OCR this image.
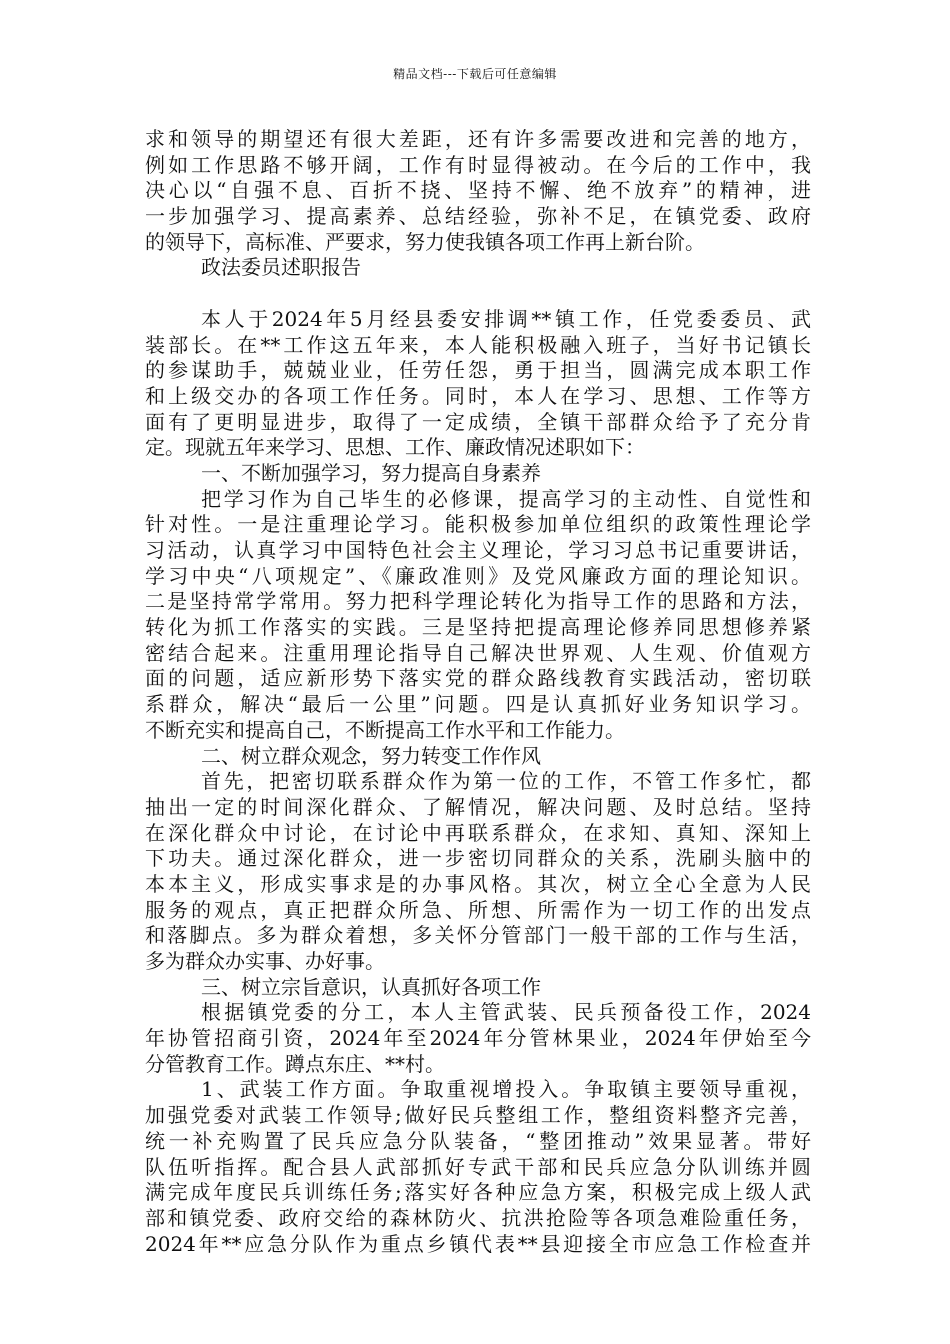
精品文档---下载后可任意编辑
求和领导的期望还有很大差距，还有许多需要改进和完善的地方，
例如工作思路不够开阔，工作有时显得被动。在今后的工作中，我
决心以“自强不息、百折不挠、坚持不懈、绝不放弃”的精神，进
一步加强学习、提高素养、总结经验，弥补不足，在镇党委、政府
的领导下，高标准、严要求，努力使我镇各项工作再上新台阶。
政法委员述职报告
本人于2024年5月经县委安排调**镇工作，任党委委员、武
装部长。在**工作这五年来，本人能积极融入班子，当好书记镇长
的参谋助手，兢兢业业，任劳任怨，勇于担当，圆满完成本职工作
和上级交办的各项工作任务。同时，本人在学习、思想、工作等方
面有了更明显进步，取得了一定成绩，全镇干部群众给予了充分肯
定。现就五年来学习、思想、工作、廉政情况述职如下：
一、不断加强学习，努力提高自身素养
把学习作为自己毕生的必修课，提高学习的主动性、自觉性和
针对性。一是注重理论学习。能积极参加单位组织的政策性理论学
习活动，认真学习中国特色社会主义理论，学习习总书记重要讲话，
学习中央“八项规定”、《廉政准则》及党风廉政方面的理论知识。
二是坚持常学常用。努力把科学理论转化为指导工作的思路和方法，
转化为抓工作落实的实践。三是坚持把提高理论修养同思想修养紧
密结合起来。注重用理论指导自己解决世界观、人生观、价值观方
面的问题，适应新形势下落实党的群众路线教育实践活动，密切联
系群众，解决“最后一公里”问题。四是认真抓好业务知识学习。
不断充实和提高自己，不断提高工作水平和工作能力。
二、树立群众观念，努力转变工作作风
首先，把密切联系群众作为第一位的工作，不管工作多忙，都
抽出一定的时间深化群众、了解情况，解决问题、及时总结。坚持
在深化群众中讨论，在讨论中再联系群众，在求知、真知、深知上
下功夫。通过深化群众，进一步密切同群众的关系，洗刷头脑中的
本本主义，形成实事求是的办事风格。其次，树立全心全意为人民
服务的观点，真正把群众所急、所想、所需作为一切工作的出发点
和落脚点。多为群众着想，多关怀分管部门一般干部的工作与生活，
多为群众办实事、办好事。
三、树立宗旨意识，认真抓好各项工作
根据镇党委的分工，本人主管武装、民兵预备役工作，2024
年协管招商引资，2024年至2024年分管林果业，2024年伊始至今
分管教育工作。蹲点东庄、**村。
1、武装工作方面。争取重视增投入。争取镇主要领导重视，
加强党委对武装工作领导;做好民兵整组工作，整组资料整齐完善，
统一补充购置了民兵应急分队装备，“整团推动”效果显著。带好
队伍听指挥。配合县人武部抓好专武干部和民兵应急分队训练并圆
满完成年度民兵训练任务;落实好各种应急方案，积极完成上级人武
部和镇党委、政府交给的森林防火、抗洪抢险等各项急难险重任务，
2024年**应急分队作为重点乡镇代表**县迎接全市应急工作检查并
